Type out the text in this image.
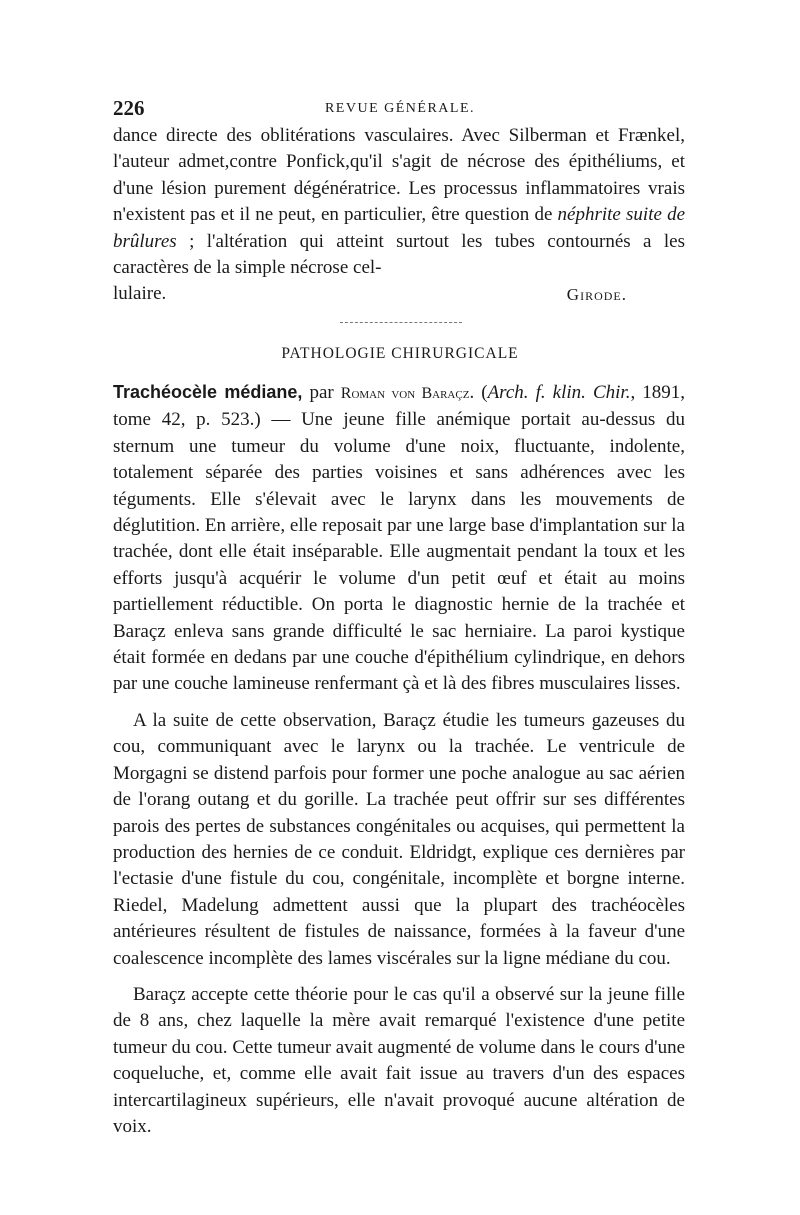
226	REVUE GÉNÉRALE.

dance directe des oblitérations vasculaires. Avec Silberman et Frænkel, l'auteur admet,contre Ponfick,qu'il s'agit de nécrose des épithéliums, et d'une lésion purement dégénératrice. Les processus inflammatoires vrais n'existent pas et il ne peut, en particulier, être question de néphrite suite de brûlures ; l'altération qui atteint surtout les tubes contournés a les caractères de la simple nécrose cel-

lulaire.	Girode.
PATHOLOGIE CHIRURGICALE

Trachéocèle médiane, par Roman von Baraçz. (Arch. f. klin. Chir., 1891, tome 42, p. 523.) — Une jeune fille anémique portait au-dessus du sternum une tumeur du volume d'une noix, fluctuante, indolente, totalement séparée des parties voisines et sans adhérences avec les téguments. Elle s'élevait avec le larynx dans les mouvements de déglutition. En arrière, elle reposait par une large base d'implantation sur la trachée, dont elle était inséparable. Elle augmentait pendant la toux et les efforts jusqu'à acquérir le volume d'un petit œuf et était au moins partiellement réductible. On porta le diagnostic hernie de la trachée et Baraçz enleva sans grande difficulté le sac herniaire. La paroi kystique était formée en dedans par une couche d'épithélium cylindrique, en dehors par une couche lamineuse renfermant çà et là des fibres musculaires lisses.

A la suite de cette observation, Baraçz étudie les tumeurs gazeuses du cou, communiquant avec le larynx ou la trachée. Le ventricule de Morgagni se distend parfois pour former une poche analogue au sac aérien de l'orang outang et du gorille. La trachée peut offrir sur ses différentes parois des pertes de substances congénitales ou acquises, qui permettent la production des hernies de ce conduit. Eldridgt, explique ces dernières par l'ectasie d'une fistule du cou, congénitale, incomplète et borgne interne. Riedel, Madelung admettent aussi que la plupart des trachéocèles antérieures résultent de fistules de naissance, formées à la faveur d'une coalescence incomplète des lames viscérales sur la ligne médiane du cou.

Baraçz accepte cette théorie pour le cas qu'il a observé sur la jeune fille de 8 ans, chez laquelle la mère avait remarqué l'existence d'une petite tumeur du cou. Cette tumeur avait augmenté de volume dans le cours d'une coqueluche, et, comme elle avait fait issue au travers d'un des espaces intercartilagineux supérieurs, elle n'avait provoqué aucune altération de voix.
